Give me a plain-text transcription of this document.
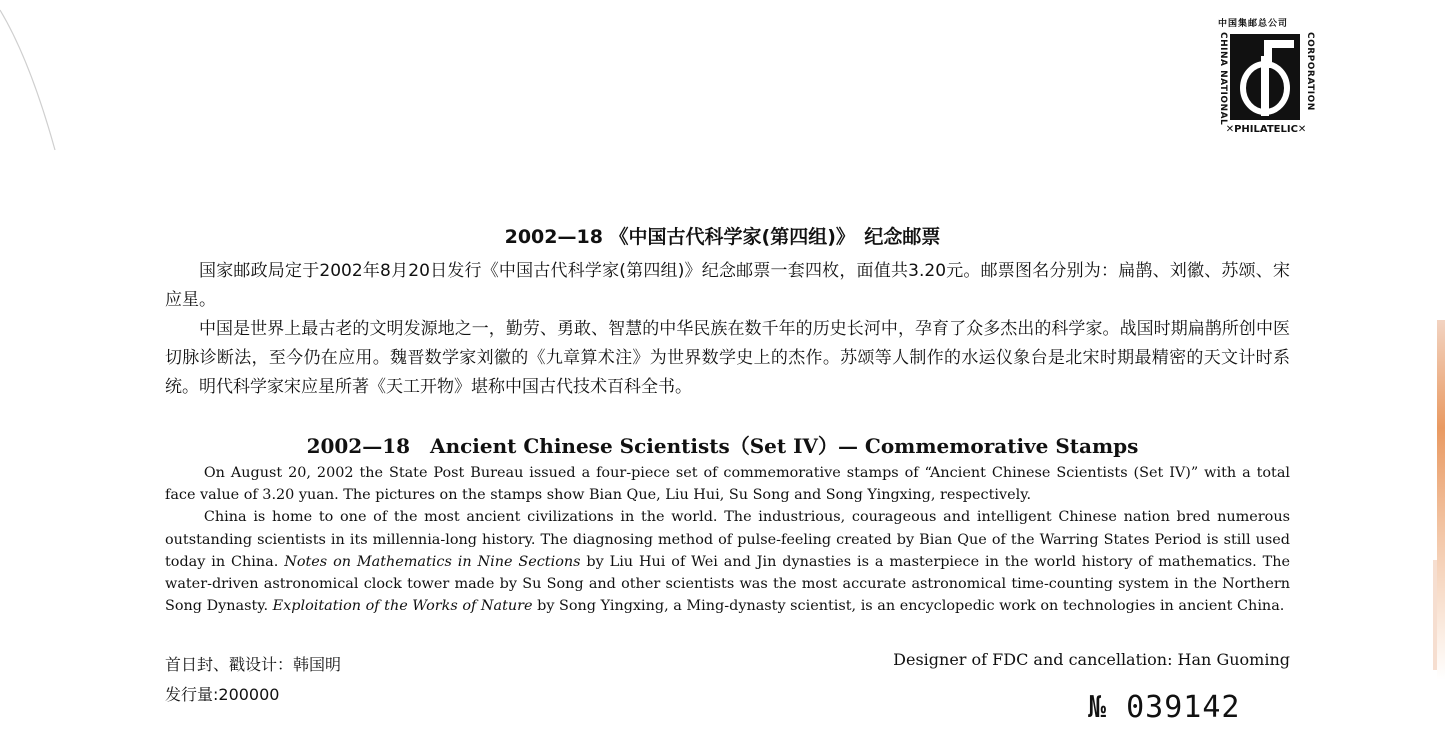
中国集邮总公司
CHINA NATIONAL	CORPORATION
✕PHILATELIC✕
2002—18 《中国古代科学家(第四组)》　纪念邮票

国家邮政局定于2002年8月20日发行《中国古代科学家(第四组)》纪念邮票一套四枚，面值共3.20元。邮票图名分别为：扁鹊、刘徽、苏颂、宋应星。

中国是世界上最古老的文明发源地之一，勤劳、勇敢、智慧的中华民族在数千年的历史长河中，孕育了众多杰出的科学家。战国时期扁鹊所创中医切脉诊断法，至今仍在应用。魏晋数学家刘徽的《九章算术注》为世界数学史上的杰作。苏颂等人制作的水运仪象台是北宋时期最精密的天文计时系统。明代科学家宋应星所著《天工开物》堪称中国古代技术百科全书。

2002—18　Ancient Chinese Scientists（Set IV）— Commemorative Stamps

On August 20, 2002 the State Post Bureau issued a four-piece set of commemorative stamps of “Ancient Chinese Scientists (Set IV)” with a total face value of 3.20 yuan. The pictures on the stamps show Bian Que, Liu Hui, Su Song and Song Yingxing, respectively.

China is home to one of the most ancient civilizations in the world. The industrious, courageous and intelligent Chinese nation bred numerous outstanding scientists in its millennia-long history. The diagnosing method of pulse-feeling created by Bian Que of the Warring States Period is still used today in China. Notes on Mathematics in Nine Sections by Liu Hui of Wei and Jin dynasties is a masterpiece in the world history of mathematics. The water-driven astronomical clock tower made by Su Song and other scientists was the most accurate astronomical time-counting system in the Northern Song Dynasty. Exploitation of the Works of Nature by Song Yingxing, a Ming-dynasty scientist, is an encyclopedic work on technologies in ancient China.

首日封、戳设计：韩国明
发行量:200000
Designer of FDC and cancellation: Han Guoming
№ 039142
